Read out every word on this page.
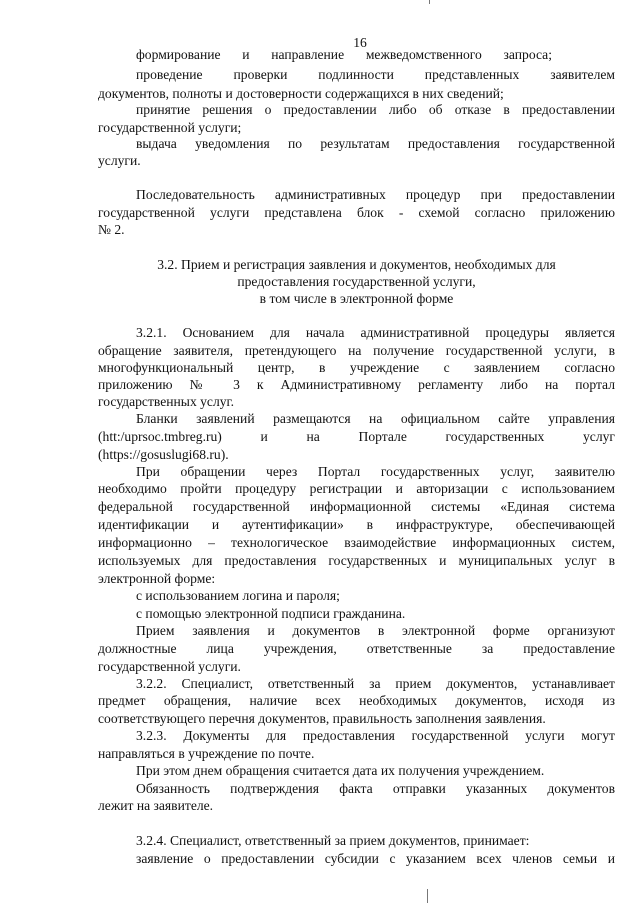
16
формирование и направление межведомственного запроса;
проведение проверки подлинности представленных заявителем
документов, полноты и достоверности содержащихся в них сведений;
принятие решения о предоставлении либо об отказе в предоставлении
государственной услуги;
выдача уведомления по результатам предоставления государственной
услуги.
Последовательность административных процедур при предоставлении
государственной услуги представлена блок - схемой согласно приложению
№ 2.
3.2. Прием и регистрация заявления и документов, необходимых для
предоставления государственной услуги,
в том числе в электронной форме
3.2.1. Основанием для начала административной процедуры является
обращение заявителя, претендующего на получение государственной услуги, в
многофункциональный центр, в учреждение с заявлением согласно
приложению № 3 к Административному регламенту либо на портал
государственных услуг.
Бланки заявлений размещаются на официальном сайте управления
(htt:/uprsoc.tmbreg.ru) и на Портале государственных услуг
(https://gosuslugi68.ru).
При обращении через Портал государственных услуг, заявителю
необходимо пройти процедуру регистрации и авторизации с использованием
федеральной государственной информационной системы «Единая система
идентификации и аутентификации» в инфраструктуре, обеспечивающей
информационно – технологическое взаимодействие информационных систем,
используемых для предоставления государственных и муниципальных услуг в
электронной форме:
с использованием логина и пароля;
с помощью электронной подписи гражданина.
Прием заявления и документов в электронной форме организуют
должностные лица учреждения, ответственные за предоставление
государственной услуги.
3.2.2. Специалист, ответственный за прием документов, устанавливает
предмет обращения, наличие всех необходимых документов, исходя из
соответствующего перечня документов, правильность заполнения заявления.
3.2.3. Документы для предоставления государственной услуги могут
направляться в учреждение по почте.
При этом днем обращения считается дата их получения учреждением.
Обязанность подтверждения факта отправки указанных документов
лежит на заявителе.
3.2.4. Специалист, ответственный за прием документов, принимает:
заявление о предоставлении субсидии с указанием всех членов семьи и
